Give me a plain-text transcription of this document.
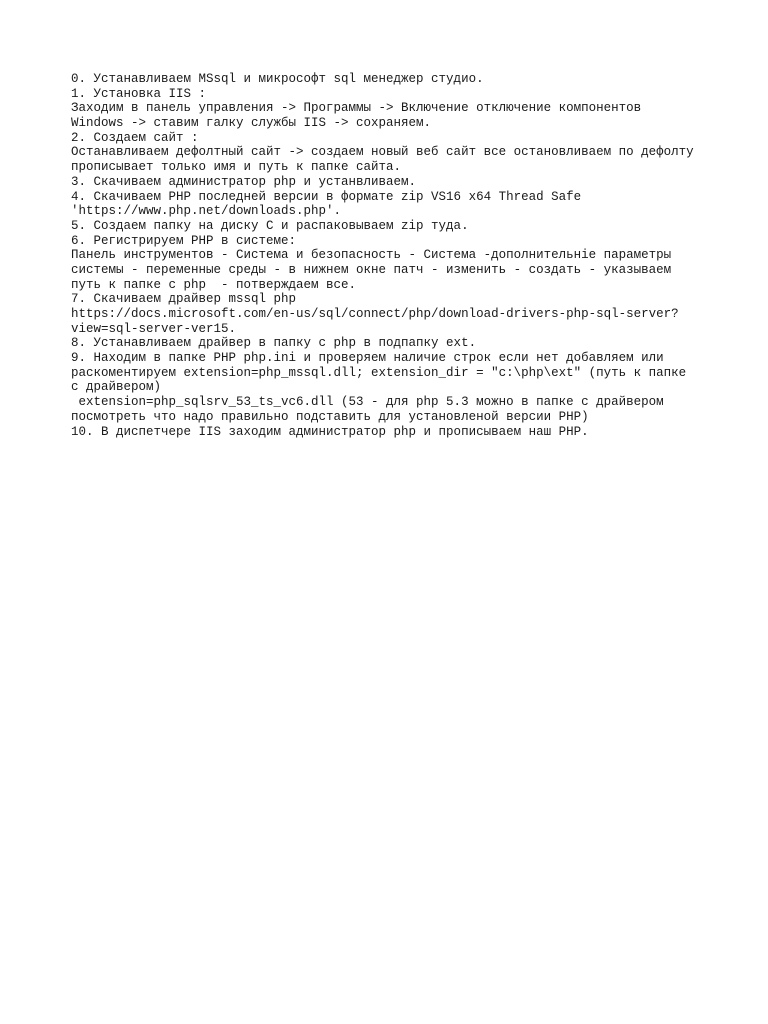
0. Устанавливаем MSsql и микрософт sql менеджер студио.
1. Установка IIS :
Заходим в панель управления -> Программы -> Включение отключение компонентов
Windows -> ставим галку службы IIS -> сохраняем.
2. Создаем сайт :
Останавливаем дефолтный сайт -> создаем новый веб сайт все остановливаем по дефолту
прописывает только имя и путь к папке сайта.
3. Скачиваем администратор php и устанвливаем.
4. Скачиваем PHP последней версии в формате zip VS16 x64 Thread Safe
'https://www.php.net/downloads.php'.
5. Создаем папку на диску C и распаковываем zip туда.
6. Регистрируем PHP в системе:
Панель инструментов - Система и безопасность - Система -дополнительнie параметры
системы - переменные среды - в нижнем окне патч - изменить - создать - указываем
путь к папке с php  - потверждаем все.
7. Скачиваем драйвер mssql php
https://docs.microsoft.com/en-us/sql/connect/php/download-drivers-php-sql-server?
view=sql-server-ver15.
8. Устанавливаем драйвер в папку с php в подпапку ext.
9. Находим в папке PHP php.ini и проверяем наличие строк если нет добавляем или
раскоментируем extension=php_mssql.dll; extension_dir = "c:\php\ext" (путь к папке
с драйвером)
extension=php_sqlsrv_53_ts_vc6.dll (53 - для php 5.3 можно в папке с драйвером
посмотреть что надо правильно подставить для установленой версии PHP)
10. В диспетчере IIS заходим администратор php и прописываем наш PHP.
